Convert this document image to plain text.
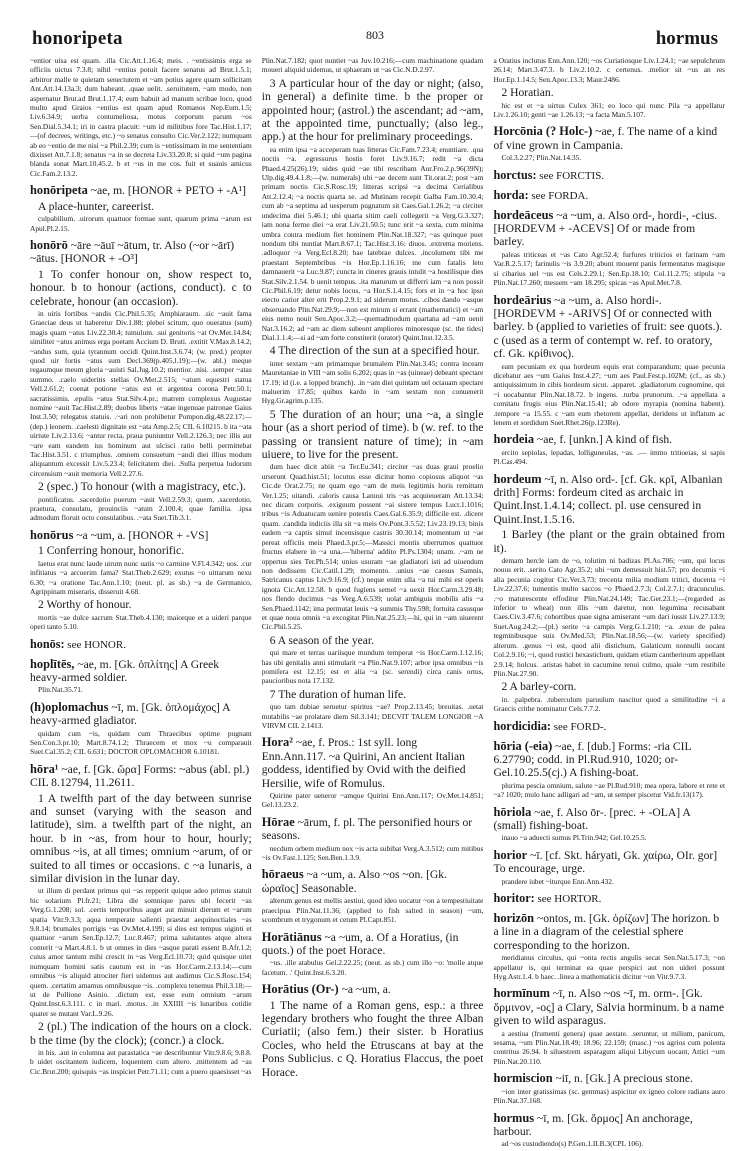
honoripeta	803	hormus

~entior uisa est quam. .illa Cic.Att.1.16.4; meis. . ~entissimis erga se officiis uictus 7.3.8; nihil ~entius potuit facere senatus ad Brut.1.5.1; arbitror malle te quietam senectutem et ~am potius agere quam sollicitam Ant.Att.14.13a.3; dum habeant. .quae uelit. .seruitutem, ~am modo, non aspernatur Brut.ad Brut.1.17.4; eum habuit ad manum scribae loco, quod multo apud Graios ~entius est quam apud Romanos Nep.Eum.1.5; Liv.6.34.9; uerba contumeliosa, motus corporum parum ~os Sen.Dial.5.34.1; iri in castra placuit: ~um id militibus fore Tac.Hist.1.17;—(of decrees, writings, etc.) ~o senatus consulto Cic.Ver.2.122; numquam ab eo ~entio de me nisi ~a Phil.2.39; cum is ~entissimam in me sententiam dixisset Att.7.1.8; senatus ~a in se decreta Liv.33.20.8; si quid ~um pagina blanda sonat Mart.10.45.2. b et ~us in me cos. fuit et suauis amicus Cic.Fam.2.13.2.

honōripeta ~ae, m. [HONOR + PETO + -A¹]

A place-hunter, careerist.

culpabilium. .uirorum quattuor formae sunt, quarum prima ~arum est Apul.Pl.2.15.

honōrō ~āre ~āuī ~ātum, tr. Also (~or ~ārī) ~ātus. [HONOR + -O³]

1 To confer honour on, show respect to, honour. b to honour (actions, conduct). c to celebrate, honour (an occasion).

in uiris fortibus ~andis Cic.Phil.5.35; Amphiaraum. .sic ~auit fama Graeciae deus ut haberetur Div.1.88; plebei scitum, quo oueratus (sum) magis quam ~atus Liv.22.30.4; tumulum. .sui genitoris ~at Ov.Met.14.84; similiter ~atus animus erga poetam Accium D. Bruti. .extitit V.Max.8.14.2; ~andus sum, quia tyrannum occidi Quint.Inst.3.6.74; (w. pred.) propter quod uir fortis ~atus sum Decl.369(p.405,l.19);—(w. abl.) meque regaumque meum gloria ~auisti Sal.Jug.10.2; mentior. .nisi. .semper ~atas summo. .caelo uideritis stellas Ov.Met.2.515; ~atum equestri statua Vell.2.61.2; coenat potione ~atus est et argentea corona Petr.50.1; sacratissimis. .epulis ~atus Stat.Silv.4.pr.; matrem complexus Augustae nomine ~auit Tac.Hist.2.89; duobus liberis ~atae ingenuae patronae Gaius Inst.3.50; relegatus statuis. .~ari non prohibetur Pompon.dig.48.22.17;—(dep.) leonem. .caelesti dignitate est ~ata Amp.2.5; CIL 6.10215. b ita ~ata uirtute Liv.2.13.6; ~antur recta, praua puniuntur Vell.2.126.3; nec illis aut ~are eam eandem ius hominum aut ulcisci ratio belli permittebat Tac.Hist.3.51. c triumphus. .omnem consuetum ~andi diei illius modum aliquantum excessit Liv.5.23.4; felicitatem diei. .Sulla perpetua ludorum circensium ~auit memoria Vell.2.27.6.

2 (spec.) To honour (with a magistracy, etc.).

pontificatus. .sacerdotio puerum ~auit Vell.2.59.3; quem. .sacerdotio, praetura, consulatu, prouinciis ~atum 2.100.4; quae familia. .ipsa admodum floruit octo consulatibus. .~ata Suet.Tib.3.1.

honōrus ~a ~um, a. [HONOR + -VS]

1 Conferring honour, honorific.

laetus erat nunc laude uirum nunc uatis ~o carmine V.Fl.4.342; uos. .cur infitiatus ~a arcuerim fama? Stat.Theb.2.629; exutus ~o uittarum nexu 6.30; ~a oratione Tac.Ann.1.10; (neut. pl. as sb.) ~a de Germanico, Agrippinam miseraris, disseruit 4.68.

2 Worthy of honour.

mortis ~ae dulce sacrum Stat.Theb.4.130; maiorque et a uideri parque operi tanto 5.10.

honōs: see HONOR.

hoplītēs, ~ae, m. [Gk. ὁπλίτης] A Greek heavy-armed soldier.

Plin.Nat.35.71.

(h)oplomachus ~ī, m. [Gk. ὁπλομάχος] A heavy-armed gladiator.

quidam cum ~is, quidam cum Thraecibus optime pugnant Sen.Con.3.pr.10; Mart.8.74.1.2; Thraecem et mox ~u comparauit Suet.Cal.35.2; CIL 6.631; DOCTOR OPLOMACHOR 6.10181.

hōra¹ ~ae, f. [Gk. ὥρα] Forms: ~abus (abl. pl.) CIL 8.12794, 11.2611.

1 A twelfth part of the day between sunrise and sunset (varying with the season and latitude), sim. a twelfth part of the night, an hour. b in ~as, from hour to hour, hourly; omnibus ~is, at all times; omnium ~arum, of or suited to all times or occasions. c ~a lunaris, a similar division in the lunar day.

ut illum di perdant primus qui ~as repperit quique adeo primus statuit hic solarium Pl.fr.21; Libra die somnique pares ubi fecerit ~as Verg.G.1.208; sol. .certis temporibus auget aut minuit dierum et ~arum spatia Vitr.9.3.3; aqua temperate salienti praestat aequinoctiales ~as 9.8.14; brumales porrigis ~as Ov.Met.4.199; si dies est tempus uiginti et quattuor ~arum Sen.Ep.12.7; Luc.8.467; prima salutantes atque altera conterit ~a Mart.4.8.1. b ut omnes in dies ~asque parati essent B.Afr.1.2; cuius amor tantum mihi crescit in ~as Verg.Ecl.10.73; quid quisque uitet numquam homini satis cautum est in ~as Hor.Carm.2.13.14;—cum omnibus ~is aliquid atrociter fieri uidemus aut audimus Cic.S.Rosc.154; quem. .certatim amamus omnibusque ~is. .complexu tenemus Phil.3.18;—ut de Pollione Asinio. .dictum est, esse eum omnium ~arum Quint.Inst.6.3.111. c in mari. .motus. .in XXIIII ~is lunaribus cotidie quater se mutant Var.L.9.26.

2 (pl.) The indication of the hours on a clock. b the time (by the clock); (concr.) a clock.

in his. .aut in columna aut parastatica ~ae describuntur Vitr.9.8.6; 9.8.8. b uidet oscitantem iudicem, loquentem cum altero. .mittentem ad ~as Cic.Brut.200; quisquis ~as inspiciet Petr.71.11; cum a puero quaesisset ~as

Plin.Nat.7.182; quot nuntiet ~as Juv.10.216;—cum machinatione quadam moueri aliquid uidemus, ut sphaeram ut ~as Cic.N.D.2.97.

3 A particular hour of the day or night; (also, in general) a definite time. b the proper or appointed hour; (astrol.) the ascendant; ad ~am, at the appointed time, punctually; (also leg., app.) at the hour for preliminary proceedings.

ea enim ipsa ~a acceperam tuas litteras Cic.Fam.7.23.4; enuntiare. .qua noctis ~a. .egressurus hostis foret Liv.9.16.7; redit ~a dicta Phaed.4.25(26).19; uides quid ~ae tibi rescribam Aur.Fro.2.p.96(39N); Ulp.dig.49.4.1.8;—(w. numerals) ubi ~ae decem sunt Tit.orat.2; post ~am primam noctis Cic.S.Rosc.19; litteras scripsi ~a decima Cerialibus Att.2.12.4; ~a noctis quarta se. .ad Mutinam recepit Galba Fam.10.30.4; cum ab ~a septima ad uesperum pugnatum sit Caes.Gal.1.26.2; ~a circiter undecima diei 5.46.1; ubi quarta sitim caeli collegerit ~a Verg.G.3.327; iam nona ferme diei ~a erat Liv.21.50.5; tunc erit ~a sexta, cum minima umbra contra medium fiet hominem Plin.Nat.18.327; ~as quinque puer nondum tibi nuntiat Mart.8.67.1; Tac.Hist.3.16: diuos. .extrema moriens. .adloquor ~a Verg.Ecl.8.20; hae latebrae dulces. .incolumem tibi me praestant Septembribus ~is Hor.Ep.1.16.16; me cum fatalis leto damnauerit ~a Luc.9.87; cuncta in cineres grauis intulit ~a hostilisque dies Stat.Silv.2.1.54. b uenit tempus. .ita maturum ut differri iam ~a non possit Cic.Phil.6.19; detur nobis locus, ~a Hor.S.1.4.15; fors et in ~a hoc ipso eiecto carior alter erit Prop.2.9.1; ad siderum motus. .cibos dando ~asque obseruando Plin.Nat.29.9;—non est mirum si errant (mathematici) et ~am eius nemo nouit Sen.Apoc.3.2;—quemadmodum quartana ad ~am uenit Nat.3.16.2; ad ~am ac diem subeunt ampliores minoresque (sc. the tides) Dial.1.1.4;—si ad ~am forte constiterit (orator) Quint.Inst.12.3.5.

4 The direction of the sun at a specified hour.

inter sextam ~am primamque brumalem Plin.Nat.3.45; contra inceam Mauretaniae in VIII ~am solis 6.202; quas in ~as (uineae) debeant spectare 17.19; id (i.e. a lopped branch). .in ~am diei quintam uel octauam spectare maluerim 17.85; quibus kardo in ~am sextam non conuenerit Hyg.Gr.agrim.p.135.

5 The duration of an hour; una ~a, a single hour (as a short period of time). b (w. ref. to the passing or transient nature of time); in ~am uiuere, to live for the present.

dum haec dicit abiit ~a Ter.Eu.341; circiter ~as duas graui proelio urserunt Quad.hist.51; locutus esse dicitur homo copiosus aliquot ~as Cic.de Orat.2.75; ne quam ego ~am de meis legitimis horis remittam Ver.1.25; uitandi. .caloris causa Lanuui tris ~as acquieueram Att.13.34; nec dicam corporis. .exiguum possent ~ai sistere tempus Lucr.1.1016; tribus ~is Aduatucam uenire potestis Caes.Gal.6.35.9; difficile est. .dicere quam. .candida indiciis illa sit ~a meis Ov.Pont.3.5.52; Liv.23.19.13; binis eadem ~a captis simul incensisque castris 30.30.14; momentum ut ~ae pereat officiis meis Phaed.3.pr.5;—Massici montis uberrumos quattuor fructus elabere in ~a una.—'hiberna' addito Pl.Ps.1304; unam. .~am ne oppertus sies Ter.Ph.514; unius usuram ~ae gladiatori isti ad uiuendum non dedissem Cic.Catil.1.29; momento. .unius ~ae caesus Samnis, Satricanus captus Liv.9.16.9; (cf.) neque enim ulla ~a tui mihi est operis ignota Cic.Att.12.58. b quod fugiens semel ~a uexit Hor.Carm.3.29.48; nos flendo ducimus ~as Verg.A.6.539; uolat ambiguis mobilis alis ~a Sen.Phaed.1142; ima permutat leuis ~a summis Thy.598; fortuita casusque et quae noua omnis ~a excogitat Plin.Nat.25.23;—hi, qui in ~am uiuerent Cic.Phil.5.25.

6 A season of the year.

qui mare et terras uariisque mundum temperat ~is Hor.Carm.1.12.16; has ubi genitalis anni stimularit ~a Plin.Nat.9.107; arbor ipsa omnibus ~is pomifera est 12.15; est et alia ~a (sc. serendi) circa canis ortus, paucioribus nota 17.132.

7 The duration of human life.

quo tam dubiae seruetur spiritus ~ae? Prop.2.13.45; breuitas. .uetat mutabilis ~ae prolatare diem Sil.3.141; DECVIT TALEM LONGIOR ~A VIRVM CIL 2.1413.

Hora² ~ae, f. Pros.: 1st syll. long Enn.Ann.117. ~a Quirini, An ancient Italian goddess, identified by Ovid with the deified Hersilie, wife of Romulus.

Quirine pater ueneror ~amque Quirini Enn.Ann.117; Ov.Met.14.851; Gel.13.23.2.

Hōrae ~ārum, f. pl. The personified hours or seasons.

necdum orbem medium nox ~is acta subibat Verg.A.3.512; cum mitibus ~is Ov.Fast.1.125; Sen.Ben.1.3.9.

hōraeus ~a ~um, a. Also ~os ~on. [Gk. ὡραῖος] Seasonable.

alterum genus est mellis aestiui, quod ideo uocatur ~on a tempestiuitate praecipua Plin.Nat.11.36; (applied to fish salted in season) ~um, scombrum et trygonum et cetum Pl.Capt.851.

Horātiānus ~a ~um, a. Of a Horatius, (in quots.) of the poet Horace.

~us. .ille atabulus Gel.2.22.25; (neut. as sb.) cum illo ~o: 'molle atque facetum. .' Quint.Inst.6.3.20.

Horātius (Or-) ~a ~um, a.

1 The name of a Roman gens, esp.: a three legendary brothers who fought the three Alban Curiatii; (also fem.) their sister. b Horatius Cocles, who held the Etruscans at bay at the Pons Sublicius. c Q. Horatius Flaccus, the poet Horace.

a Oratius inclutus Enn.Ann.120; ~os Curiatiosque Liv.1.24.1; ~ae sepulchrum 26.14; Mart.3.47.3. b Liv.2.10.2. c certenus. .melior sit ~us an res Hor.Ep.1.14.5; Sen.Apoc.13.3; Maur.2486.

2 Horatian.

hic est et ~a uirtus Culex 361; eo loco qui nunc Pila ~a appellatur Liv.1.26.10; genti ~ae 1.26.13; ~a facta Man.5.107.

Horcōnia (? Holc-) ~ae, f. The name of a kind of vine grown in Campania.

Col.3.2.27; Plin.Nat.14.35.

horctus: see FORCTIS.

horda: see FORDA.

hordeāceus ~a ~um, a. Also ord-, hordi-, -cius. [HORDEVM + -ACEVS] Of or made from barley.

paleas triticeas et ~as Cato Agr.52.4; furfures triticios et farinam ~am Var.R.2.5.17; farinulis ~is 3.9.20; abunt mouent panis fermentatus magisque si cibarius uel ~us est Cels.2.29.1; Sen.Ep.18.10; Col.11.2.75; stipula ~a Plin.Nat.17.260; messem ~am 18.295; spicas ~as Apul.Met.7.8.

hordeārius ~a ~um, a. Also hordi-. [HORDEVM + -ARIVS] Of or connected with barley. b (applied to varieties of fruit: see quots.). c (used as a term of contempt w. ref. to oratory, cf. Gk. κρίθινος).

eam pecuniam ex qua hordeum equis erat comparandum; quae pecunia dicebatur aes ~um Gaius Inst.4.27; ~um aes Paul.Fest.p.102M; (cf., as sb.) antiquissimum in cibis hordeum sicut. .apparet. .gladiatorum cognomine, qui ~i uocabantur Plin.Nat.18.72. b ingens. .turba prunorum. .~a appellata a comitatu frugis eius Plin.Nat.15.41; ab odore myrapia (nomina habent). .tempore ~a 15.55. c ~am eum rhetorem appellat, deridens ut inflatum ac lenem et sordidum Suet.Rhet.26(p.123Re).

hordeia ~ae, f. [unkn.] A kind of fish.

ercito sepiolas, lepadas, lolliguneulas, ~as. .— immo tritioeias, si sapis Pl.Cas.494.

hordeum ~ī, n. Also ord-. [cf. Gk. κρῖ, Albanian drith] Forms: fordeum cited as archaic in Quint.Inst.1.4.14; collect. pl. use censured in Quint.Inst.1.5.16.

1 Barley (the plant or the grain obtained from it).

demam hercle iam de ~o, tolutim ni badizas Pl.As.706; ~um, qui locus nouus erit. .serito Cato Agr.35.2; ubi ~um demessuit hist.57; pro decumis ~i alia pecunia cogitur Cic.Ver.3.73; trecenta milia modium tritici, ducenta ~i Liv.22.37.6; tumentis multo saccos ~o Phaed.2.7.3; Col.2.7.1; dracunculus. .~o maturescente effoditur Plin.Nat.24.149; Tac.Ger.23.1;—(regarded as inferior to wheat) non illis ~um daretur, non legumina recusabant Caes.Civ.3.47.6; cohortibus quae signa amiserant ~um dari iussit Liv.27.13.9; Suet.Aug.24.2;—(pl.) serite ~a campis Verg.G.1.210; ~a. .exue de palea tegminibusque suis Ov.Med.53; Plin.Nat.18.56;—(w. variety specified) alterum. .genus ~i est, quod alii distichum, Galaticum nonnulli uocant Col.2.9.16; ~i, quod rustici hexastichum, quidam etiam cantherinum appellant 2.9.14; holcus. .aristas habet in cacumine tenui culmo, quale ~um restibile Plin.Nat.27.90.

2 A barley-corn.

in. .palpebra. .tuberculum paruulum nascitur quod a similitudine ~i a Graecis crithe nominatur Cels.7.7.2.

hordicidia: see FORD-.

hōria (-eia) ~ae, f. [dub.] Forms: -ria CIL 6.27790; codd. in Pl.Rud.910, 1020; or- Gel.10.25.5(cj.) A fishing-boat.

plurima pescia omnium, salute ~ae Pl.Rud.910; mea opera, labore et rete et ~a? 1020; mulo hanc adligari ad ~am, ut semper piscetur Vid.fr.13(17).

hōriola ~ae, f. Also ōr-. [prec. + -OLA] A (small) fishing-boat.

inauo ~a aduecti sumus Pl.Trin.942; Gel.10.25.5.

horior ~ī. [cf. Skt. háryati, Gk. χαίρω, OIr. gor] To encourage, urge.

prandere iubet ~iturque Enn.Ann.432.

horitor: see HORTOR.

horizōn ~ontos, m. [Gk. ὁρίζων] The horizon. b a line in a diagram of the celestial sphere corresponding to the horizon.

meridianus circulus, qui ~onta rectis angulis secat Sen.Nat.5.17.3; ~on appellatur is, qui terminat ea quae perspici aut non uideri possunt Hyg.Astr.1.4. b haec. .linea a mathematicis dicitur ~on Vitr.9.7.3.

hormīnum ~ī, n. Also ~os ~ī, m. orm-. [Gk. ὅρμινον, -ος] a Clary, Salvia horminum. b a name given to wild asparagus.

a aestiua (frumenti genera) quae aestate. .seruntur, ut milium, panicum, sesama, ~um Plin.Nat.18.49; 18.96; 22.159; (masc.) ~os agrios cum polenta contritus 26.94. b siluestrem asparagum aliqui Libycum uocant, Attici ~um Plin.Nat.20.110.

hormiscion ~iī, n. [Gk.] A precious stone.

~ion inter gratissimas (sc. gemmas) aspicitur ex igneo colore radians auro Plin.Nat.37.168.

hormus ~ī, m. [Gk. ὅρμος] An anchorage, harbour.

ad ~os custodiendo(s) P.Gen.1.II.B.3(CPL 106).
